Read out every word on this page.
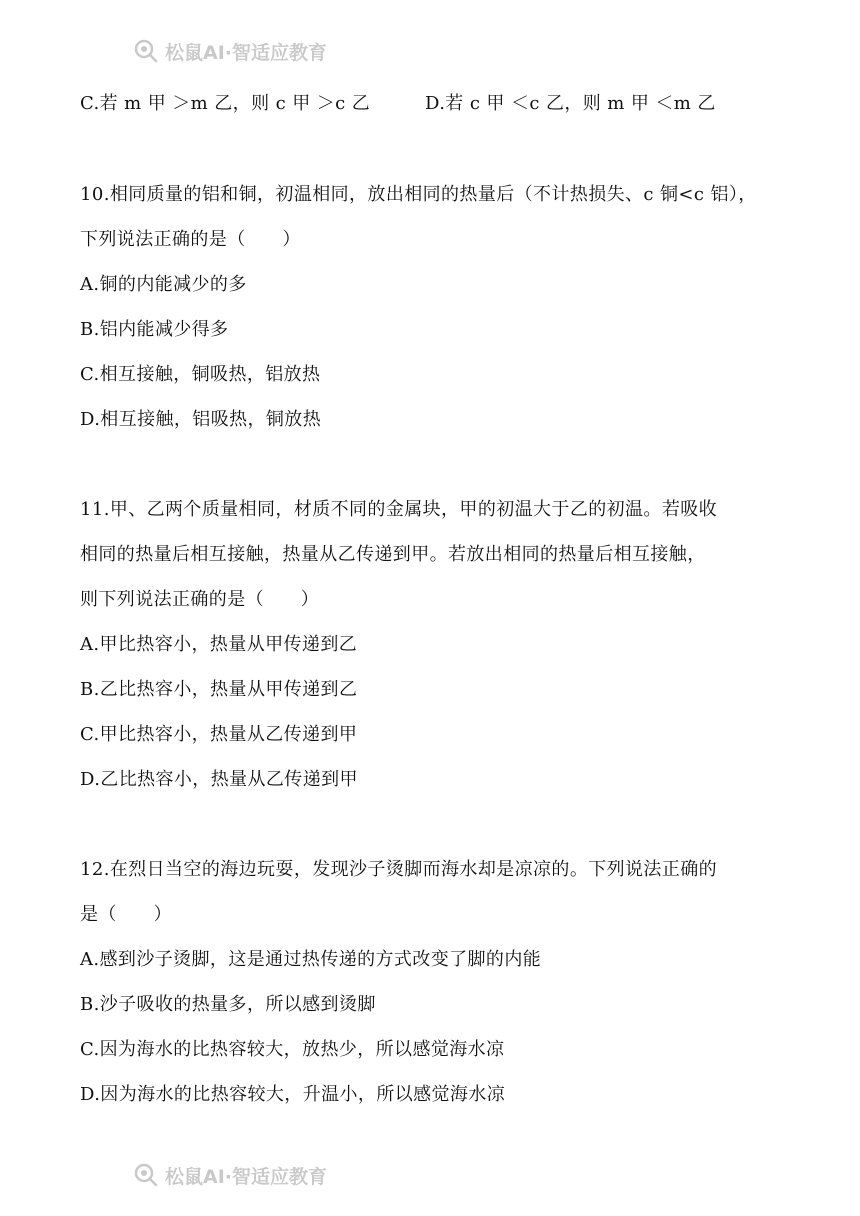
松鼠AI·智适应教育
C.若 m 甲 ＞m 乙，则 c 甲 ＞c 乙	D.若 c 甲 ＜c 乙，则 m 甲 ＜m 乙
10.相同质量的铝和铜，初温相同，放出相同的热量后（不计热损失、c 铜<c 铝），
下列说法正确的是（　　）
A.铜的内能减少的多
B.铝内能减少得多
C.相互接触，铜吸热，铝放热
D.相互接触，铝吸热，铜放热
11.甲、乙两个质量相同，材质不同的金属块，甲的初温大于乙的初温。若吸收
相同的热量后相互接触，热量从乙传递到甲。若放出相同的热量后相互接触，
则下列说法正确的是（　　）
A.甲比热容小，热量从甲传递到乙
B.乙比热容小，热量从甲传递到乙
C.甲比热容小，热量从乙传递到甲
D.乙比热容小，热量从乙传递到甲
12.在烈日当空的海边玩耍，发现沙子烫脚而海水却是凉凉的。下列说法正确的
是（　　）
A.感到沙子烫脚，这是通过热传递的方式改变了脚的内能
B.沙子吸收的热量多，所以感到烫脚
C.因为海水的比热容较大，放热少，所以感觉海水凉
D.因为海水的比热容较大，升温小，所以感觉海水凉
松鼠AI·智适应教育
